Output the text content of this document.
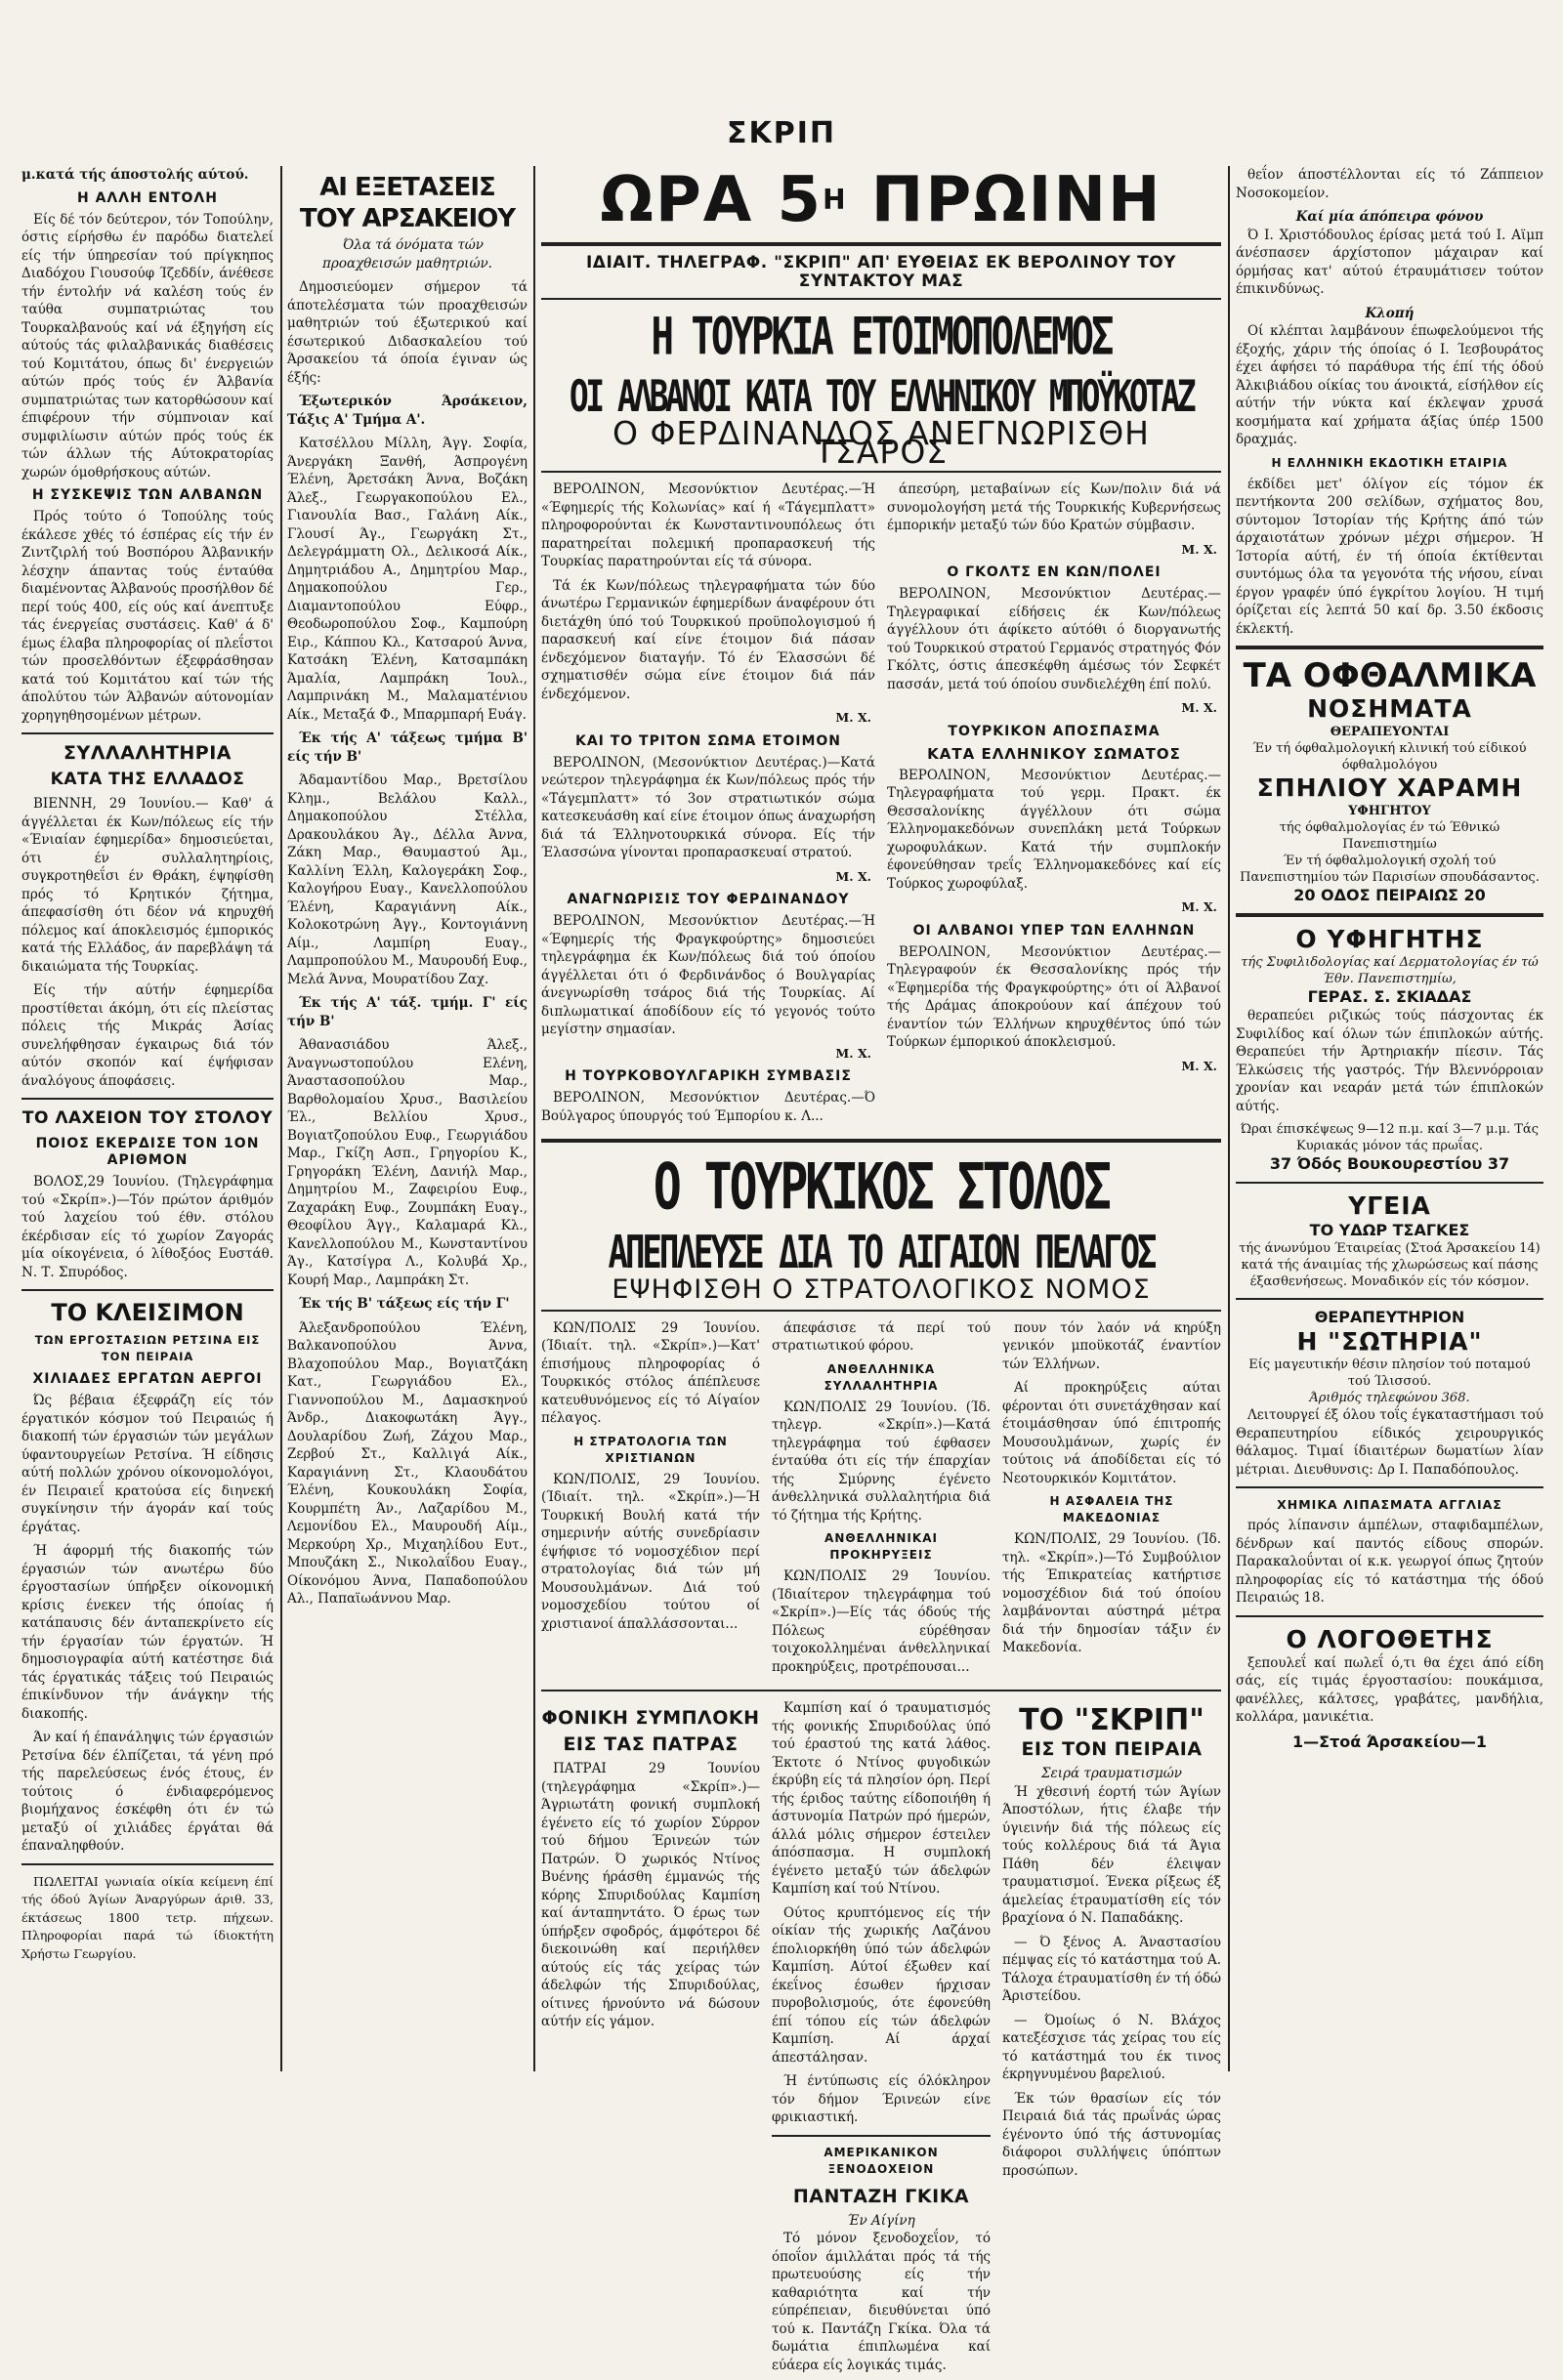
ΣΚΡΙΠ
μ.κατά τής άποστολής αύτού.
Η ΑΛΛΗ ΕΝΤΟΛΗ

Είς δέ τόν δεύτερον, τόν Τοπούλην, όστις είρήσθω έν παρόδω διατελεί είς τήν ύπηρεσίαν τού πρίγκηπος Διαδόχου Γιουσούφ Ίζεδδίν, άνέθεσε τήν έντολήν νά καλέση τούς έν ταύθα συμπατριώτας του Τουρκαλβανούς καί νά έξηγήση είς αύτούς τάς φιλαλβανικάς διαθέσεις τού Κομιτάτου, όπως δι' ένεργειών αύτών πρός τούς έν Άλβανία συμπατριώτας των κατορθώσουν καί έπιφέρουν τήν σύμπνοιαν καί συμφιλίωσιν αύτών πρός τούς έκ τών άλλων τής Αύτοκρατορίας χωρών όμοθρήσκους αύτών.

Η ΣΥΣΚΕΨΙΣ ΤΩΝ ΑΛΒΑΝΩΝ

Πρός τούτο ό Τοπούλης τούς έκάλεσε χθές τό έσπέρας είς τήν έν Ζιντζιρλή τού Βοσπόρου Άλβανικήν λέσχην άπαντας τούς ένταύθα διαμένοντας Άλβανούς προσήλθον δέ περί τούς 400, είς ούς καί άνεπτυξε τάς ένεργείας συστάσεις. Καθ' ά δ' έμως έλαβα πληροφορίας οί πλεΐστοι τών προσελθόντων έξεφράσθησαν κατά τού Κομιτάτου καί τών τής άπολύτου τών Άλβανών αύτονομίαν χορηγηθησομένων μέτρων.

ΣΥΛΛΑΛΗΤΗΡΙΑ
ΚΑΤΑ ΤΗΣ ΕΛΛΑΔΟΣ

ΒΙΕΝΝΗ, 29 Ίουνίου.— Καθ' ά άγγέλλεται έκ Κων/πόλεως είς τήν «Ένιαίαν έφημερίδα» δημοσιεύεται, ότι έν συλλαλητηρίοις, συγκροτηθεΐσι έν Θράκη, έψηφίσθη πρός τό Κρητικόν ζήτημα, άπεφασίσθη ότι δέον νά κηρυχθή πόλεμος καί άποκλεισμός έμπορικός κατά τής Ελλάδος, άν παρεβλάψη τά δικαιώματα τής Τουρκίας.

Είς τήν αύτήν έφημερίδα προστίθεται άκόμη, ότι είς πλείστας πόλεις τής Μικράς Άσίας συνελήφθησαν έγκαιρως διά τόν αύτόν σκοπόν καί έψήφισαν άναλόγους άποφάσεις.

ΤΟ ΛΑΧΕΙΟΝ ΤΟΥ ΣΤΟΛΟΥ
ΠΟΙΟΣ ΕΚΕΡΔΙΣΕ ΤΟΝ 1ΟΝ ΑΡΙΘΜΟΝ

ΒΟΛΟΣ,29 Ίουνίου. (Τηλεγράφημα τού «Σκρίπ».)—Τόν πρώτον άριθμόν τού λαχείου τού έθν. στόλου έκέρδισαν είς τό χωρίον Ζαγοράς μία οίκογένεια, ό λίθοξόος Ευστάθ. Ν. Τ. Σπυρόδος.

ΤΟ ΚΛΕΙΣΙΜΟΝ
ΤΩΝ ΕΡΓΟΣΤΑΣΙΩΝ ΡΕΤΣΙΝΑ ΕΙΣ ΤΟΝ ΠΕΙΡΑΙΑ
ΧΙΛΙΑΔΕΣ ΕΡΓΑΤΩΝ ΑΕΡΓΟΙ

Ώς βέβαια έξεφράζη είς τόν έργατικόν κόσμον τού Πειραιώς ή διακοπή τών έργασιών τών μεγάλων ύφαντουργείων Ρετσίνα. Ή είδησις αύτή πολλών χρόνου οίκονομολόγοι, έν Πειραιεΐ κρατούσα είς διηνεκή συγκίνησιν τήν άγοράν καί τούς έργάτας.

Ή άφορμή τής διακοπής τών έργασιών τών ανωτέρω δύο έργοστασίων ύπήρξεν οίκονομική κρίσις ένεκεν τής όποίας ή κατάπαυσις δέν άνταπεκρίνετο είς τήν έργασίαν τών έργατών. Ή δημοσιογραφία αύτή κατέστησε διά τάς έργατικάς τάξεις τού Πειραιώς έπικίνδυνον τήν άνάγκην τής διακοπής.

Άν καί ή έπανάληψις τών έργασιών Ρετσίνα δέν έλπίζεται, τά γένη πρό τής παρελεύσεως ένός έτους, έν τούτοις ό ένδιαφερόμενος βιομήχανος έσκέφθη ότι έν τώ μεταξύ οί χιλιάδες έργάται θά έπαναληφθούν.

ΠΩΛΕΙΤΑΙ γωνιαία οίκία κείμενη έπί τής όδού Άγίων Άναργύρων άριθ. 33, έκτάσεως 1800 τετρ. πήχεων. Πληροφορίαι παρά τώ ίδιοκτήτη Χρήστω Γεωργίου.

ΑΙ ΕΞΕΤΑΣΕΙΣ
ΤΟΥ ΑΡΣΑΚΕΙΟΥ

Όλα τά όνόματα τών προαχθεισών μαθητριών.

Δημοσιεύομεν σήμερον τά άποτελέσματα τών προαχθεισών μαθητριών τού έξωτερικού καί έσωτερικού Διδασκαλείου τού Άρσακείου τά όποία έγιναν ώς έξής:

Έξωτερικόν Άρσάκειον, Τάξις Α' Τμήμα Α'.

Κατσέλλου Μίλλη, Άγγ. Σοφία, Άνεργάκη Ξανθή, Άσπρογένη Έλένη, Άρετσάκη Άννα, Βοζάκη Άλεξ., Γεωργακοπούλου Ελ., Γιανουλία Βασ., Γαλάνη Αίκ., Γλουσί Άγ., Γεωργάκη Στ., Δελεγράμματη Ολ., Δελικοσά Αίκ., Δημητριάδου Α., Δημητρίου Μαρ., Δημακοπούλου Γερ., Διαμαντοπούλου Εύφρ., Θεοδωροπούλου Σοφ., Καμπούρη Ειρ., Κάππου Κλ., Κατσαρού Άννα, Κατσάκη Έλένη, Κατσαμπάκη Άμαλία, Λαμπράκη Ίουλ., Λαμπρινάκη Μ., Μαλαματένιου Αίκ., Μεταξά Φ., Μπαρμπαρή Ευάγ.

Έκ τής Α' τάξεως τμήμα Β' είς τήν Β'

Άδαμαντίδου Μαρ., Βρετσίλου Κλημ., Βελάλου Καλλ., Δημακοπούλου Στέλλα, Δρακουλάκου Άγ., Δέλλα Άννα, Ζάκη Μαρ., Θαυμαστού Άμ., Καλλίνη Έλλη, Καλογεράκη Σοφ., Καλογήρου Ευαγ., Κανελλοπούλου Έλένη, Καραγιάννη Αίκ., Κολοκοτρώνη Άγγ., Κοντογιάννη Αίμ., Λαμπίρη Ευαγ., Λαμπροπούλου Μ., Μαυρουδή Ευφ., Μελά Άννα, Μουρατίδου Ζαχ.

Έκ τής Α' τάξ. τμήμ. Γ' είς τήν Β'

Άθανασιάδου Άλεξ., Άναγνωστοπούλου Ελένη, Άναστασοπούλου Μαρ., Βαρθολομαίου Χρυσ., Βασιλείου Έλ., Βελλίου Χρυσ., Βογιατζοπούλου Ευφ., Γεωργιάδου Μαρ., Γκίζη Ασπ., Γρηγορίου Κ., Γρηγοράκη Έλένη, Δανιήλ Μαρ., Δημητρίου Μ., Ζαφειρίου Ευφ., Ζαχαράκη Ευφ., Ζουμπάκη Ευαγ., Θεοφίλου Άγγ., Καλαμαρά Κλ., Κανελλοπούλου Μ., Κωνσταντίνου Άγ., Κατσίγρα Λ., Κολυβά Χρ., Κουρή Μαρ., Λαμπράκη Στ.

Έκ τής Β' τάξεως είς τήν Γ'

Άλεξανδροπούλου Έλένη, Βαλκανοπούλου Άννα, Βλαχοπούλου Μαρ., Βογιατζάκη Κατ., Γεωργιάδου Ελ., Γιαννοπούλου Μ., Δαμασκηνού Άνδρ., Διακοφωτάκη Άγγ., Δουλαρίδου Ζωή, Ζάχου Μαρ., Ζερβού Στ., Καλλιγά Αίκ., Καραγιάννη Στ., Κλαουδάτου Έλένη, Κουκουλάκη Σοφία, Κουρμπέτη Άν., Λαζαρίδου Μ., Λεμονίδου Ελ., Μαυρουδή Αίμ., Μερκούρη Χρ., Μιχαηλίδου Ευτ., Μπουζάκη Σ., Νικολαΐδου Ευαγ., Οίκονόμου Άννα, Παπαδοπούλου Αλ., Παπαϊωάννου Μαρ.

ΩΡΑ $5^H$ ΠΡΩΙΝΗ
ΙΔΙΑΙΤ. ΤΗΛΕΓΡΑΦ. "ΣΚΡΙΠ" ΑΠ' ΕΥΘΕΙΑΣ ΕΚ ΒΕΡΟΛΙΝΟΥ ΤΟΥ ΣΥΝΤΑΚΤΟΥ ΜΑΣ
Η ΤΟΥΡΚΙΑ ΕΤΟΙΜΟΠΟΛΕΜΟΣ
ΟΙ ΑΛΒΑΝΟΙ ΚΑΤΑ ΤΟΥ ΕΛΛΗΝΙΚΟΥ ΜΠΟΫΚΟΤΑΖ
Ο ΦΕΡΔΙΝΑΝΔΟΣ ΑΝΕΓΝΩΡΙΣΘΗ ΤΣΑΡΟΣ

ΒΕΡΟΛΙΝΟΝ, Μεσονύκτιον Δευτέρας.—Ή «Έφημερίς τής Κολωνίας» καί ή «Τάγεμπλαττ» πληροφορούνται έκ Κωνσταντινουπόλεως ότι παρατηρείται πολεμική προπαρασκευή τής Τουρκίας παρατηρούνται είς τά σύνορα.

Τά έκ Κων/πόλεως τηλεγραφήματα τών δύο άνωτέρω Γερμανικών έφημερίδων άναφέρουν ότι διετάχθη ύπό τού Τουρκικού προϋπολογισμού ή παρασκευή καί είνε έτοιμον διά πάσαν ένδεχόμενον διαταγήν. Τό έν Έλασσώνι δέ σχηματισθέν σώμα είνε έτοιμον διά πάν ένδεχόμενον.

Μ. Χ.
ΚΑΙ ΤΟ ΤΡΙΤΟΝ ΣΩΜΑ ΕΤΟΙΜΟΝ

ΒΕΡΟΛΙΝΟΝ, (Μεσονύκτιον Δευτέρας.)—Κατά νεώτερον τηλεγράφημα έκ Κων/πόλεως πρός τήν «Τάγεμπλαττ» τό 3ον στρατιωτικόν σώμα κατεσκευάσθη καί είνε έτοιμον όπως άναχωρήση διά τά Έλληνοτουρκικά σύνορα. Είς τήν Έλασσώνα γίνονται προπαρασκευαί στρατού.

Μ. Χ.
ΑΝΑΓΝΩΡΙΣΙΣ ΤΟΥ ΦΕΡΔΙΝΑΝΔΟΥ

ΒΕΡΟΛΙΝΟΝ, Μεσονύκτιον Δευτέρας.—Ή «Έφημερίς τής Φραγκφούρτης» δημοσιεύει τηλεγράφημα έκ Κων/πόλεως διά τού όποίου άγγέλλεται ότι ό Φερδινάνδος ό Βουλγαρίας άνεγνωρίσθη τσάρος διά τής Τουρκίας. Αί διπλωματικαί άποδίδουν είς τό γεγονός τούτο μεγίστην σημασίαν.

Μ. Χ.
Η ΤΟΥΡΚΟΒΟΥΛΓΑΡΙΚΗ ΣΥΜΒΑΣΙΣ

ΒΕΡΟΛΙΝΟΝ, Μεσονύκτιον Δευτέρας.—Ό Βούλγαρος ύπουργός τού Έμπορίου κ. Λ...

άπεσύρη, μεταβαίνων είς Κων/πολιν διά νά συνομολογήση μετά τής Τουρκικής Κυβερνήσεως έμπορικήν μεταξύ τών δύο Κρατών σύμβασιν.

Μ. Χ.
Ο ΓΚΟΛΤΣ ΕΝ ΚΩΝ/ΠΟΛΕΙ

ΒΕΡΟΛΙΝΟΝ, Μεσονύκτιον Δευτέρας.—Τηλεγραφικαί είδήσεις έκ Κων/πόλεως άγγέλλουν ότι άφίκετο αύτόθι ό διοργανωτής τού Τουρκικού στρατού Γερμανός στρατηγός Φόν Γκόλτς, όστις άπεσκέφθη άμέσως τόν Σεφκέτ πασσάν, μετά τού όποίου συνδιελέχθη έπί πολύ.

Μ. Χ.
ΤΟΥΡΚΙΚΟΝ ΑΠΟΣΠΑΣΜΑ
ΚΑΤΑ ΕΛΛΗΝΙΚΟΥ ΣΩΜΑΤΟΣ

ΒΕΡΟΛΙΝΟΝ, Μεσονύκτιον Δευτέρας.—Τηλεγραφήματα τού γερμ. Πρακτ. έκ Θεσσαλονίκης άγγέλλουν ότι σώμα Έλληνομακεδόνων συνεπλάκη μετά Τούρκων χωροφυλάκων. Κατά τήν συμπλοκήν έφονεύθησαν τρεΐς Έλληνομακεδόνες καί είς Τούρκος χωροφύλαξ.

Μ. Χ.
ΟΙ ΑΛΒΑΝΟΙ ΥΠΕΡ ΤΩΝ ΕΛΛΗΝΩΝ

ΒΕΡΟΛΙΝΟΝ, Μεσονύκτιον Δευτέρας.—Τηλεγραφούν έκ Θεσσαλονίκης πρός τήν «Έφημερίδα τής Φραγκφούρτης» ότι οί Άλβανοί τής Δράμας άποκρούουν καί άπέχουν τού έναντίον τών Έλλήνων κηρυχθέντος ύπό τών Τούρκων έμπορικού άποκλεισμού.

Μ. Χ.
Ο ΤΟΥΡΚΙΚΟΣ ΣΤΟΛΟΣ
ΑΠΕΠΛΕΥΣΕ ΔΙΑ ΤΟ ΑΙΓΑΙΟΝ ΠΕΛΑΓΟΣ
ΕΨΗΦΙΣΘΗ Ο ΣΤΡΑΤΟΛΟΓΙΚΟΣ ΝΟΜΟΣ

ΚΩΝ/ΠΟΛΙΣ 29 Ίουνίου. (Ίδιαίτ. τηλ. «Σκρίπ».)—Κατ' έπισήμους πληροφορίας ό Τουρκικός στόλος άπέπλευσε κατευθυνόμενος είς τό Αίγαίον πέλαγος.

Η ΣΤΡΑΤΟΛΟΓΙΑ ΤΩΝ ΧΡΙΣΤΙΑΝΩΝ

ΚΩΝ/ΠΟΛΙΣ, 29 Ίουνίου. (Ίδιαίτ. τηλ. «Σκρίπ».)—Ή Τουρκική Βουλή κατά τήν σημερινήν αύτής συνεδρίασιν έψήφισε τό νομοσχέδιον περί στρατολογίας διά τών μή Μουσουλμάνων. Διά τού νομοσχεδίου τούτου οί χριστιανοί άπαλλάσσονται...

άπεφάσισε τά περί τού στρατιωτικού φόρου.

ΑΝΘΕΛΛΗΝΙΚΑ ΣΥΛΛΑΛΗΤΗΡΙΑ

ΚΩΝ/ΠΟΛΙΣ 29 Ίουνίου. (Ίδ. τηλεγρ. «Σκρίπ».)—Κατά τηλεγράφημα τού έφθασεν ένταύθα ότι είς τήν έπαρχίαν τής Σμύρνης έγένετο άνθελληνικά συλλαλητήρια διά τό ζήτημα τής Κρήτης.

ΑΝΘΕΛΛΗΝΙΚΑΙ ΠΡΟΚΗΡΥΞΕΙΣ

ΚΩΝ/ΠΟΛΙΣ 29 Ίουνίου. (Ίδιαίτερον τηλεγράφημα τού «Σκρίπ».)—Είς τάς όδούς τής Πόλεως εύρέθησαν τοιχοκολλημέναι άνθελληνικαί προκηρύξεις, προτρέπουσαι...

πουν τόν λαόν νά κηρύξη γενικόν μποϋκοτάζ έναντίον τών Έλλήνων.

Αί προκηρύξεις αύται φέρονται ότι συνετάχθησαν καί έτοιμάσθησαν ύπό έπιτροπής Μουσουλμάνων, χωρίς έν τούτοις νά άποδίδεται είς τό Νεοτουρκικόν Κομιτάτον.

Η ΑΣΦΑΛΕΙΑ ΤΗΣ ΜΑΚΕΔΟΝΙΑΣ

ΚΩΝ/ΠΟΛΙΣ, 29 Ίουνίου. (Ίδ. τηλ. «Σκρίπ».)—Τό Συμβούλιον τής Έπικρατείας κατήρτισε νομοσχέδιον διά τού όποίου λαμβάνονται αύστηρά μέτρα διά τήν δημοσίαν τάξιν έν Μακεδονία.

ΦΟΝΙΚΗ ΣΥΜΠΛΟΚΗ
ΕΙΣ ΤΑΣ ΠΑΤΡΑΣ

ΠΑΤΡΑΙ 29 Ίουνίου (τηλεγράφημα «Σκρίπ».)—Άγριωτάτη φονική συμπλοκή έγένετο είς τό χωρίον Σύρρον τού δήμου Έρινεών τών Πατρών. Ό χωρικός Ντίνος Βυένης ήράσθη έμμανώς τής κόρης Σπυριδούλας Καμπίση καί άνταπηντάτο. Ό έρως των ύπήρξεν σφοδρός, άμφότεροι δέ διεκοινώθη καί περιήλθεν αύτούς είς τάς χείρας τών άδελφών τής Σπυριδούλας, οίτινες ήρνούντο νά δώσουν αύτήν είς γάμον.

Καμπίση καί ό τραυματισμός τής φονικής Σπυριδούλας ύπό τού έραστού της κατά λάθος. Έκτοτε ό Ντίνος φυγοδικών έκρύβη είς τά πλησίον όρη. Περί τής έριδος ταύτης είδοποιήθη ή άστυνομία Πατρών πρό ήμερών, άλλά μόλις σήμερον έστειλεν άπόσπασμα. Η συμπλοκή έγένετο μεταξύ τών άδελφών Καμπίση καί τού Ντίνου.

Ούτος κρυπτόμενος είς τήν οίκίαν τής χωρικής Λαζάνου έπολιορκήθη ύπό τών άδελφών Καμπίση. Αύτοί έξωθεν καί έκεΐνος έσωθεν ήρχισαν πυροβολισμούς, ότε έφονεύθη έπί τόπου είς τών άδελφών Καμπίση. Αί άρχαί άπεστάλησαν.

Ή έντύπωσις είς όλόκληρον τόν δήμον Έρινεών είνε φρικιαστική.

ΑΜΕΡΙΚΑΝΙΚΟΝ ΞΕΝΟΔΟΧΕΙΟΝ
ΠΑΝΤΑΖΗ ΓΚΙΚΑ
Έν Αίγίνη

Τό μόνον ξενοδοχεΐον, τό όποΐον άμιλλάται πρός τά τής πρωτευούσης είς τήν καθαριότητα καί τήν εύπρέπειαν, διευθύνεται ύπό τού κ. Παντάζη Γκίκα. Όλα τά δωμάτια έπιπλωμένα καί εύάερα είς λογικάς τιμάς.

ΤΟ "ΣΚΡΙΠ"
ΕΙΣ ΤΟΝ ΠΕΙΡΑΙΑ
Σειρά τραυματισμών

Ή χθεσινή έορτή τών Άγίων Άποστόλων, ήτις έλαβε τήν ύγιεινήν διά τής πόλεως είς τούς κολλέρους διά τά Άγια Πάθη δέν έλειψαν τραυματισμοί. Ένεκα ρίξεως έξ άμελείας έτραυματίσθη είς τόν βραχίονα ό Ν. Παπαδάκης.

— Ό ξένος Α. Άναστασίου πέμψας είς τό κατάστημα τού Α. Τάλοχα έτραυματίσθη έν τή όδώ Άριστείδου.

— Όμοίως ό Ν. Βλάχος κατεξέσχισε τάς χείρας του είς τό κατάστημά του έκ τινος έκρηγνυμένου βαρελιού.

Έκ τών θρασίων είς τόν Πειραιά διά τάς πρωΐνάς ώρας έγένοντο ύπό τής άστυνομίας διάφοροι συλλήψεις ύπόπτων προσώπων.

θεΐον άποστέλλονται είς τό Ζάππειον Νοσοκομείον.

Καί μία άπόπειρα φόνου

Ό Ι. Χριστόδουλος έρίσας μετά τού Ι. Αϊμπ άνέσπασεν άρχίστοπον μάχαιραν καί όρμήσας κατ' αύτού έτραυμάτισεν τούτον έπικινδύνως.

Κλοπή

Οί κλέπται λαμβάνουν έπωφελούμενοι τής έξοχής, χάριν τής όποίας ό Ι. Ίεσβουράτος έχει άφήσει τό παράθυρα τής έπί τής όδού Άλκιβιάδου οίκίας του άνοικτά, είσήλθον είς αύτήν τήν νύκτα καί έκλεψαν χρυσά κοσμήματα καί χρήματα άξίας ύπέρ 1500 δραχμάς.

Η ΕΛΛΗΝΙΚΗ ΕΚΔΟΤΙΚΗ ΕΤΑΙΡΙΑ

έκδίδει μετ' όλίγον είς τόμον έκ πεντήκοντα 200 σελίδων, σχήματος 8ου, σύντομον Ίστορίαν τής Κρήτης άπό τών άρχαιοτάτων χρόνων μέχρι σήμερον. Ή Ίστορία αύτή, έν τή όποία έκτίθενται συντόμως όλα τα γεγονότα τής νήσου, είναι έργον γραφέν ύπό έγκρίτου λογίου. Ή τιμή όρίζεται είς λεπτά 50 καί δρ. 3.50 έκδοσις έκλεκτή.

ΤΑ ΟΦΘΑΛΜΙΚΑ
ΝΟΣΗΜΑΤΑ
ΘΕΡΑΠΕΥΟΝΤΑΙ
Έν τή όφθαλμολογική κλινική τού είδικού όφθαλμολόγου
ΣΠΗΛΙΟΥ ΧΑΡΑΜΗ
ΥΦΗΓΗΤΟΥ
τής όφθαλμολογίας έν τώ Έθνικώ Πανεπιστημίω
Έν τή όφθαλμολογική σχολή τού Πανεπιστημίου τών Παρισίων σπουδάσαντος.
20 ΟΔΟΣ ΠΕΙΡΑΙΩΣ 20
Ο ΥΦΗΓΗΤΗΣ
τής Συφιλιδολογίας καί Δερματολογίας έν τώ Έθν. Πανεπιστημίω,
ΓΕΡΑΣ. Σ. ΣΚΙΑΔΑΣ

θεραπεύει ριζικώς τούς πάσχοντας έκ Συφιλίδος καί όλων τών έπιπλοκών αύτής. Θεραπεύει τήν Άρτηριακήν πίεσιν. Τάς Έλκώσεις τής γαστρός. Τήν Βλεννόρροιαν χρονίαν και νεαράν μετά τών έπιπλοκών αύτής.

Ώραι έπισκέψεως 9—12 π.μ. καί 3—7 μ.μ. Τάς Κυριακάς μόνον τάς πρωΐας.
37 Όδός Βουκουρεστίου 37
ΥΓΕΙΑ
ΤΟ ΥΔΩΡ ΤΣΑΓΚΕΣ
τής άνωνύμου Έταιρείας (Στοά Άρσακείου 14)
κατά τής άναιμίας τής χλωρώσεως καί πάσης έξασθενήσεως. Μοναδικόν είς τόν κόσμον.
ΘΕΡΑΠΕΥΤΗΡΙΟΝ
Η "ΣΩΤΗΡΙΑ"
Είς μαγευτικήν θέσιν πλησίον τού ποταμού τού Ίλισσού.
Άριθμός τηλεφώνου 368.

Λειτουργεί έξ όλου τοΐς έγκαταστήμασι τού Θεραπευτηρίου είδικός χειρουργικός θάλαμος. Τιμαί ίδιαιτέρων δωματίων λίαν μέτριαι. Διευθυνσις: Δρ Ι. Παπαδόπουλος.

ΧΗΜΙΚΑ ΛΙΠΑΣΜΑΤΑ ΑΓΓΛΙΑΣ

πρός λίπανσιν άμπέλων, σταφιδαμπέλων, δένδρων καί παντός είδους σπορών. Παρακαλοΰνται οί κ.κ. γεωργοί όπως ζητούν πληροφορίας είς τό κατάστημα τής όδού Πειραιώς 18.

Ο ΛΟΓΟΘΕΤΗΣ

ξεπουλεΐ καί πωλεΐ ό,τι θα έχει άπό είδη σάς, είς τιμάς έργοστασίου: πουκάμισα, φανέλλες, κάλτσες, γραβάτες, μανδήλια, κολλάρα, μανικέτια.

1—Στοά Άρσακείου—1
